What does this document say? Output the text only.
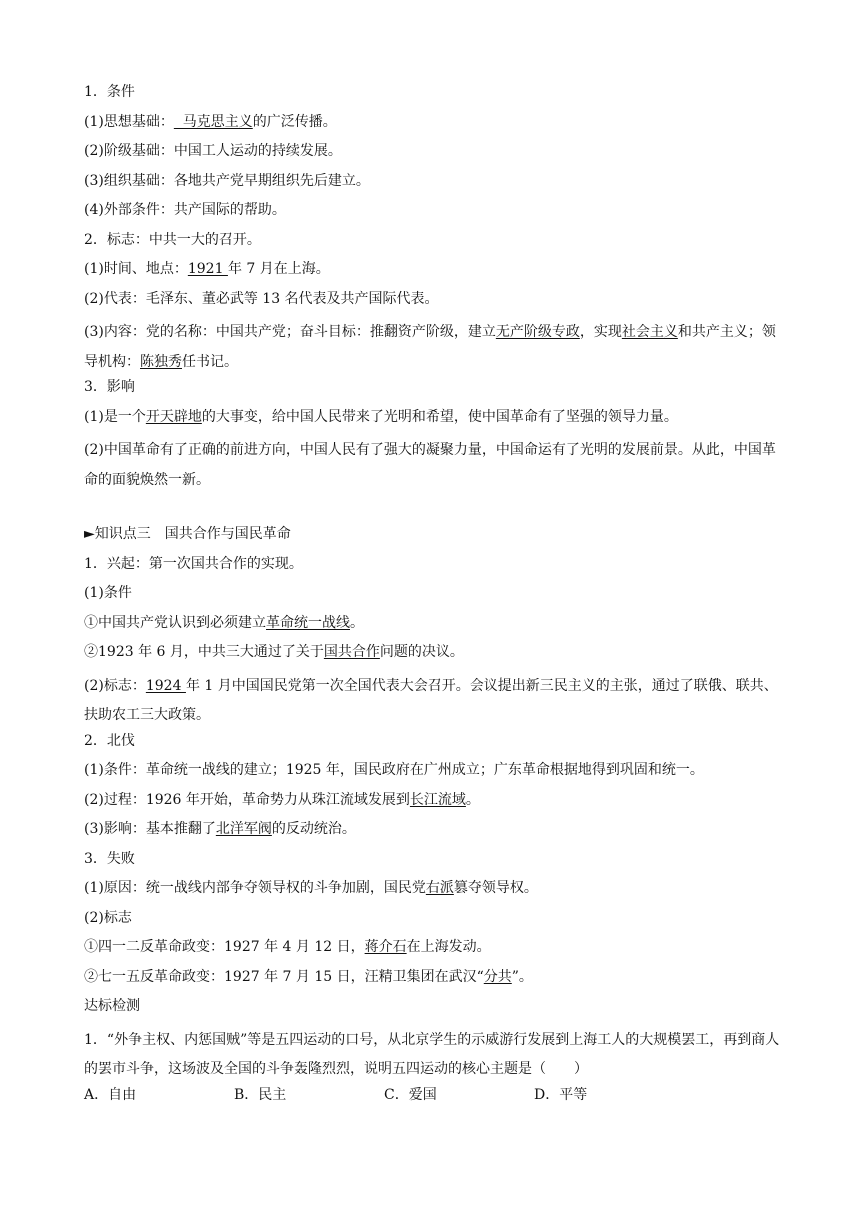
1．条件
(1)思想基础：  马克思主义的广泛传播。
(2)阶级基础：中国工人运动的持续发展。
(3)组织基础：各地共产党早期组织先后建立。
(4)外部条件：共产国际的帮助。
2．标志：中共一大的召开。
(1)时间、地点：1921 年 7 月在上海。
(2)代表：毛泽东、董必武等 13 名代表及共产国际代表。
(3)内容：党的名称：中国共产党；奋斗目标：推翻资产阶级，建立无产阶级专政，实现社会主义和共产主义；领导机构：陈独秀任书记。
3．影响
(1)是一个开天辟地的大事变，给中国人民带来了光明和希望，使中国革命有了坚强的领导力量。
(2)中国革命有了正确的前进方向，中国人民有了强大的凝聚力量，中国命运有了光明的发展前景。从此，中国革命的面貌焕然一新。
►知识点三　国共合作与国民革命
1．兴起：第一次国共合作的实现。
(1)条件
①中国共产党认识到必须建立革命统一战线。
②1923 年 6 月，中共三大通过了关于国共合作问题的决议。
(2)标志：1924 年 1 月中国国民党第一次全国代表大会召开。会议提出新三民主义的主张，通过了联俄、联共、扶助农工三大政策。
2．北伐
(1)条件：革命统一战线的建立；1925 年，国民政府在广州成立；广东革命根据地得到巩固和统一。
(2)过程：1926 年开始，革命势力从珠江流域发展到长江流域。
(3)影响：基本推翻了北洋军阀的反动统治。
3．失败
(1)原因：统一战线内部争夺领导权的斗争加剧，国民党右派篡夺领导权。
(2)标志
①四一二反革命政变：1927 年 4 月 12 日，蒋介石在上海发动。
②七一五反革命政变：1927 年 7 月 15 日，汪精卫集团在武汉“分共”。
达标检测
1．“外争主权、内惩国贼”等是五四运动的口号，从北京学生的示威游行发展到上海工人的大规模罢工，再到商人的罢市斗争，这场波及全国的斗争轰隆烈烈，说明五四运动的核心主题是（　　）
A．自由	B．民主	C．爱国	D．平等
